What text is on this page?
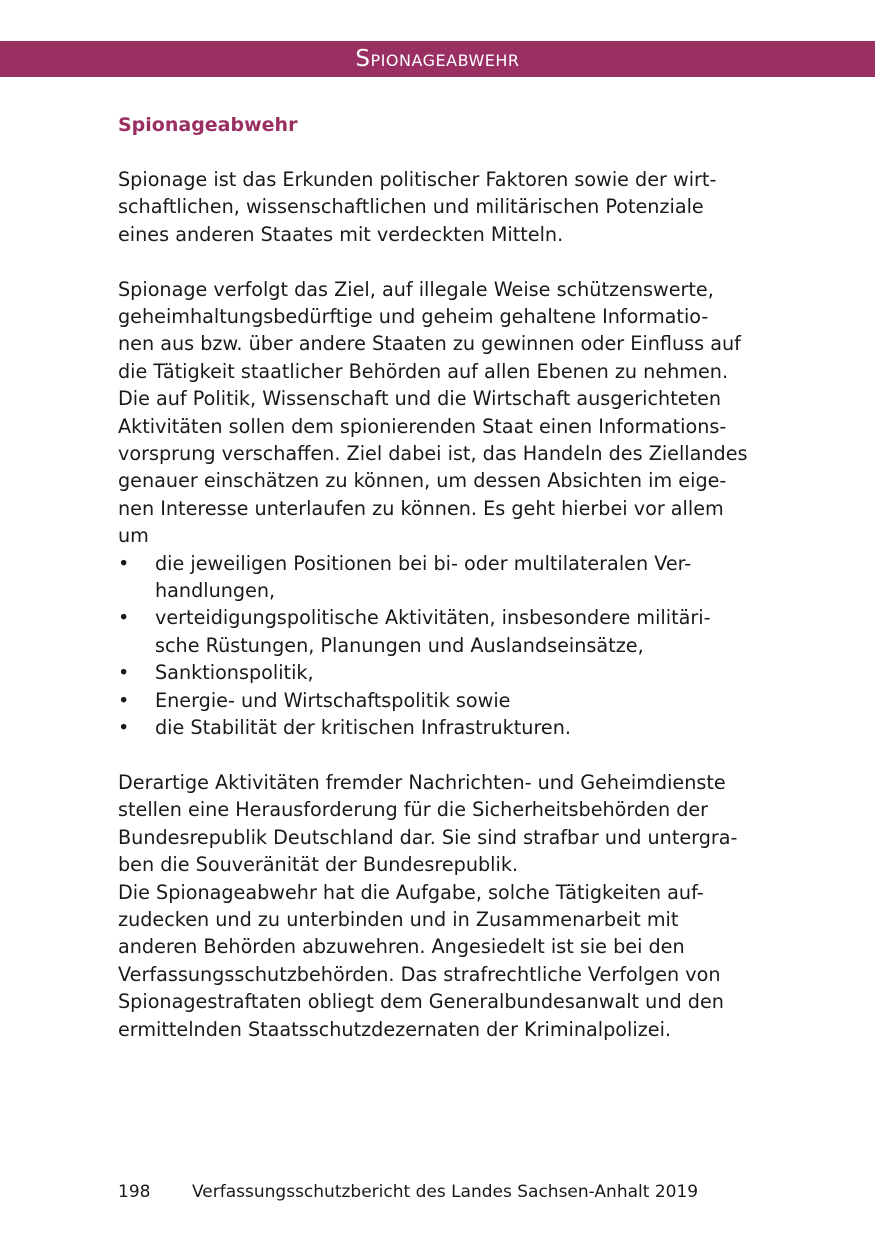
Spionageabwehr
Spionageabwehr

Spionage ist das Erkunden politischer Faktoren sowie der wirt-
schaftlichen, wissenschaftlichen und militärischen Potenziale
eines anderen Staates mit verdeckten Mitteln.

Spionage verfolgt das Ziel, auf illegale Weise schützenswerte,
geheimhaltungsbedürftige und geheim gehaltene Informatio-
nen aus bzw. über andere Staaten zu gewinnen oder Einfluss auf
die Tätigkeit staatlicher Behörden auf allen Ebenen zu nehmen.
Die auf Politik, Wissenschaft und die Wirtschaft ausgerichteten
Aktivitäten sollen dem spionierenden Staat einen Informations-
vorsprung verschaffen. Ziel dabei ist, das Handeln des Ziellandes
genauer einschätzen zu können, um dessen Absichten im eige-
nen Interesse unterlaufen zu können. Es geht hierbei vor allem
um

•	die jeweiligen Positionen bei bi- oder multilateralen Ver-
handlungen,
•	verteidigungspolitische Aktivitäten, insbesondere militäri-
sche Rüstungen, Planungen und Auslandseinsätze,
•	Sanktionspolitik,
•	Energie- und Wirtschaftspolitik sowie
•	die Stabilität der kritischen Infrastrukturen.

Derartige Aktivitäten fremder Nachrichten- und Geheimdienste
stellen eine Herausforderung für die Sicherheitsbehörden der
Bundesrepublik Deutschland dar. Sie sind strafbar und untergra-
ben die Souveränität der Bundesrepublik.

Die Spionageabwehr hat die Aufgabe, solche Tätigkeiten auf-
zudecken und zu unterbinden und in Zusammenarbeit mit
anderen Behörden abzuwehren. Angesiedelt ist sie bei den
Verfassungsschutzbehörden. Das strafrechtliche Verfolgen von
Spionagestraftaten obliegt dem Generalbundesanwalt und den
ermittelnden Staatsschutzdezernaten der Kriminalpolizei.

198 Verfassungsschutzbericht des Landes Sachsen-Anhalt 2019
